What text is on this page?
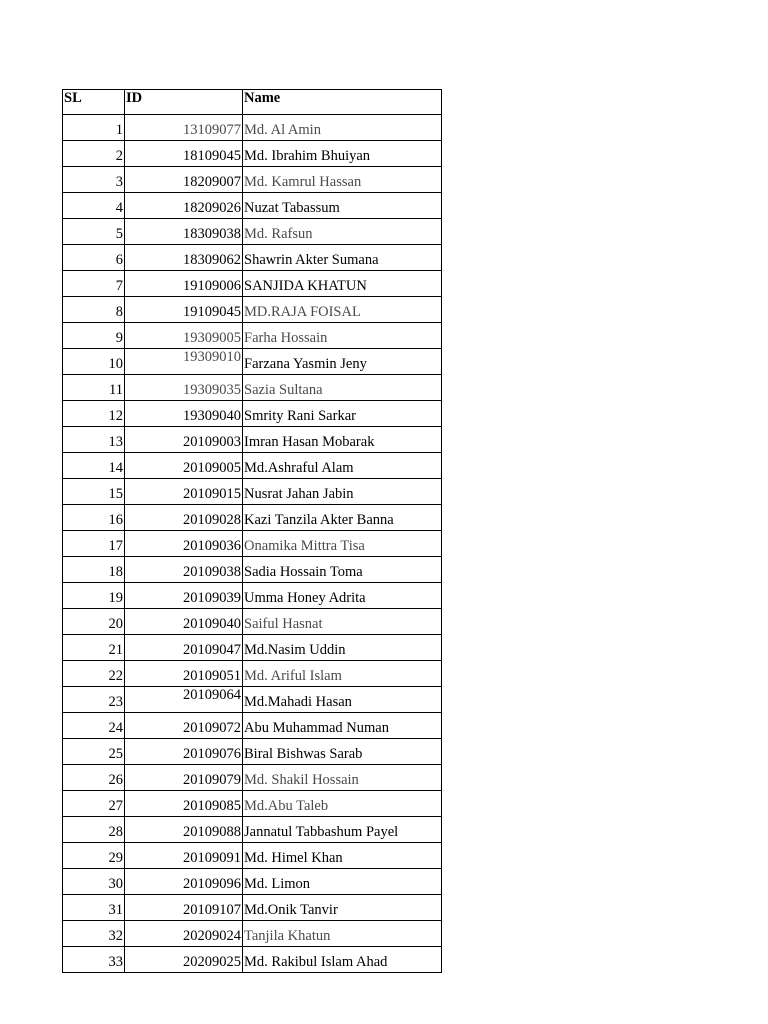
SL	ID	Name
1	13109077	Md. Al Amin
2	18109045	Md. Ibrahim Bhuiyan
3	18209007	Md. Kamrul Hassan
4	18209026	Nuzat Tabassum
5	18309038	Md. Rafsun
6	18309062	Shawrin Akter Sumana
7	19109006	SANJIDA KHATUN
8	19109045	MD.RAJA FOISAL
9	19309005	Farha Hossain
10	19309010	Farzana Yasmin Jeny
11	19309035	Sazia Sultana
12	19309040	Smrity Rani Sarkar
13	20109003	Imran Hasan Mobarak
14	20109005	Md.Ashraful Alam
15	20109015	Nusrat Jahan Jabin
16	20109028	Kazi Tanzila Akter Banna
17	20109036	Onamika Mittra Tisa
18	20109038	Sadia Hossain Toma
19	20109039	Umma Honey Adrita
20	20109040	Saiful Hasnat
21	20109047	Md.Nasim Uddin
22	20109051	Md. Ariful Islam
23	20109064	Md.Mahadi Hasan
24	20109072	Abu Muhammad Numan
25	20109076	Biral Bishwas Sarab
26	20109079	Md. Shakil Hossain
27	20109085	Md.Abu Taleb
28	20109088	Jannatul Tabbashum Payel
29	20109091	Md. Himel Khan
30	20109096	Md. Limon
31	20109107	Md.Onik Tanvir
32	20209024	Tanjila Khatun
33	20209025	Md. Rakibul Islam Ahad
